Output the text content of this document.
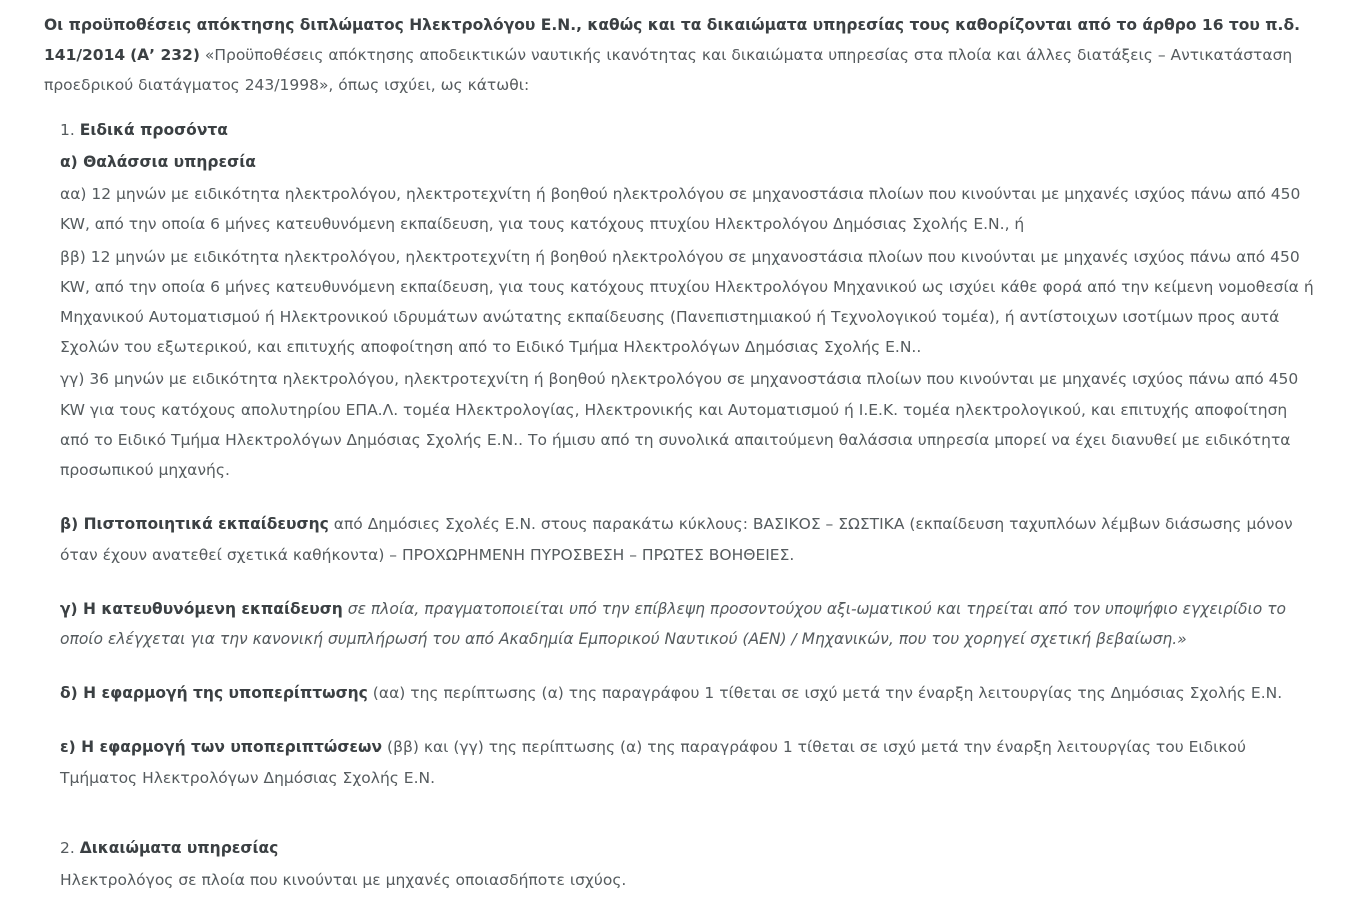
Οι προϋποθέσεις απόκτησης διπλώματος Ηλεκτρολόγου Ε.Ν., καθώς και τα δικαιώματα υπηρεσίας τους καθορίζονται από το άρθρο 16 του π.δ. 141/2014 (Α’ 232) «Προϋποθέσεις απόκτησης αποδεικτικών ναυτικής ικανότητας και δικαιώματα υπηρεσίας στα πλοία και άλλες διατάξεις – Αντικατάσταση προεδρικού διατάγματος 243/1998», όπως ισχύει, ως κάτωθι:

1. Ειδικά προσόντα

α) Θαλάσσια υπηρεσία

αα) 12 μηνών με ειδικότητα ηλεκτρολόγου, ηλεκτροτεχνίτη ή βοηθού ηλεκτρολόγου σε μηχανοστάσια πλοίων που κινούνται με μηχανές ισχύος πάνω από 450 KW, από την οποία 6 μήνες κατευθυνόμενη εκπαίδευση, για τους κατόχους πτυχίου Ηλεκτρολόγου Δημόσιας Σχολής Ε.Ν., ή

ββ) 12 μηνών με ειδικότητα ηλεκτρολόγου, ηλεκτροτεχνίτη ή βοηθού ηλεκτρολόγου σε μηχανοστάσια πλοίων που κινούνται με μηχανές ισχύος πάνω από 450 KW, από την οποία 6 μήνες κατευθυνόμενη εκπαίδευση, για τους κατόχους πτυχίου Ηλεκτρολόγου Μηχανικού ως ισχύει κάθε φορά από την κείμενη νομοθεσία ή Μηχανικού Αυτοματισμού ή Ηλεκτρονικού ιδρυμάτων ανώτατης εκπαίδευσης (Πανεπιστημιακού ή Τεχνολογικού τομέα), ή αντίστοιχων ισοτίμων προς αυτά Σχολών του εξωτερικού, και επιτυχής αποφοίτηση από το Ειδικό Τμήμα Ηλεκτρολόγων Δημόσιας Σχολής Ε.Ν..

γγ) 36 μηνών με ειδικότητα ηλεκτρολόγου, ηλεκτροτεχνίτη ή βοηθού ηλεκτρολόγου σε μηχανοστάσια πλοίων που κινούνται με μηχανές ισχύος πάνω από 450 KW για τους κατόχους απολυτηρίου ΕΠΑ.Λ. τομέα Ηλεκτρολογίας, Ηλεκτρονικής και Αυτοματισμού ή Ι.Ε.Κ. τομέα ηλεκτρολογικού, και επιτυχής αποφοίτηση από το Ειδικό Τμήμα Ηλεκτρολόγων Δημόσιας Σχολής Ε.Ν.. Το ήμισυ από τη συνολικά απαιτούμενη θαλάσσια υπηρεσία μπορεί να έχει διανυθεί με ειδικότητα προσωπικού μηχανής.

β) Πιστοποιητικά εκπαίδευσης από Δημόσιες Σχολές Ε.Ν. στους παρακάτω κύκλους: ΒΑΣΙΚΟΣ – ΣΩΣΤΙΚΑ (εκπαίδευση ταχυπλόων λέμβων διάσωσης μόνον όταν έχουν ανατεθεί σχετικά καθήκοντα) – ΠΡΟΧΩΡΗΜΕΝΗ ΠΥΡΟΣΒΕΣΗ – ΠΡΩΤΕΣ ΒΟΗΘΕΙΕΣ.

γ) Η κατευθυνόμενη εκπαίδευση σε πλοία, πραγματοποιείται υπό την επίβλεψη προσοντούχου αξι-ωματικού και τηρείται από τον υποψήφιο εγχειρίδιο το οποίο ελέγχεται για την κανονική συμπλήρωσή του από Ακαδημία Εμπορικού Ναυτικού (ΑΕΝ) / Μηχανικών, που του χορηγεί σχετική βεβαίωση.»

δ) Η εφαρμογή της υποπερίπτωσης (αα) της περίπτωσης (α) της παραγράφου 1 τίθεται σε ισχύ μετά την έναρξη λειτουργίας της Δημόσιας Σχολής Ε.Ν.

ε) Η εφαρμογή των υποπεριπτώσεων (ββ) και (γγ) της περίπτωσης (α) της παραγράφου 1 τίθεται σε ισχύ μετά την έναρξη λειτουργίας του Ειδικού Τμήματος Ηλεκτρολόγων Δημόσιας Σχολής Ε.Ν.

2. Δικαιώματα υπηρεσίας

Ηλεκτρολόγος σε πλοία που κινούνται με μηχανές οποιασδήποτε ισχύος.
